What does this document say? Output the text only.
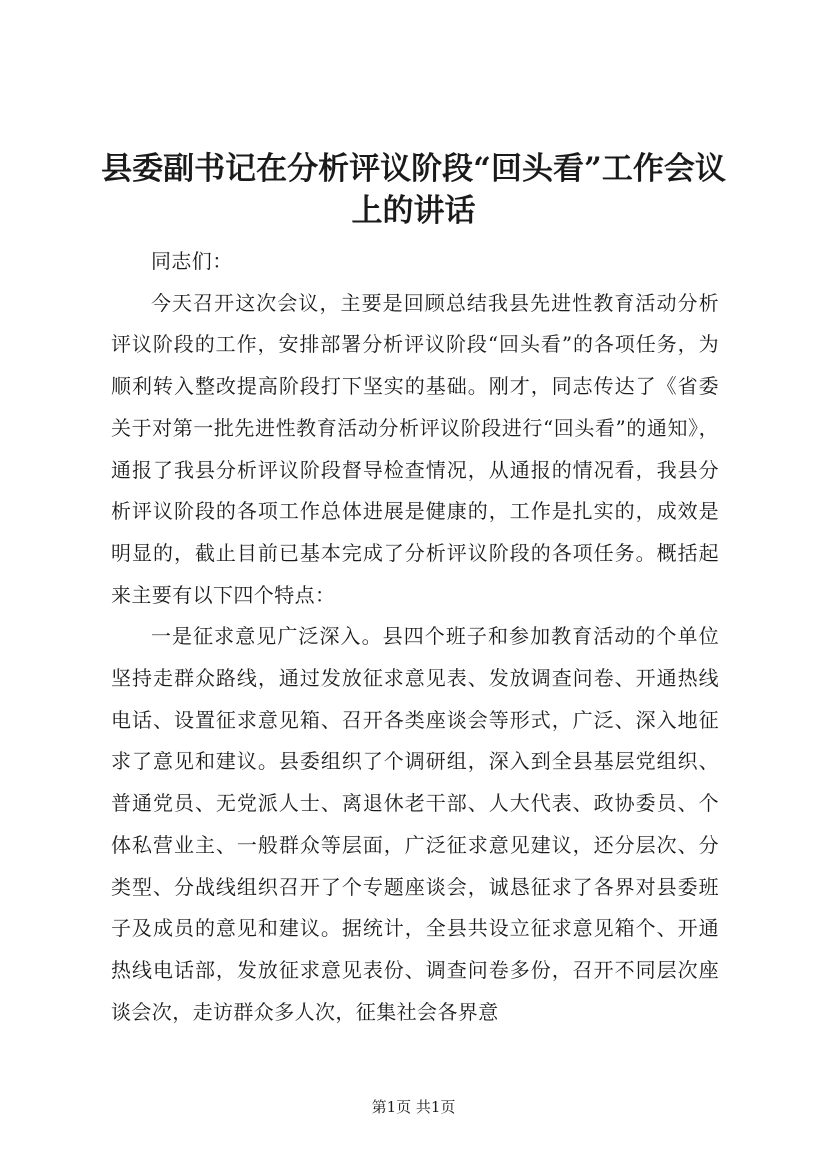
县委副书记在分析评议阶段“回头看”工作会议上的讲话

同志们：

今天召开这次会议，主要是回顾总结我县先进性教育活动分析评议阶段的工作，安排部署分析评议阶段“回头看”的各项任务，为顺利转入整改提高阶段打下坚实的基础。刚才，同志传达了《省委关于对第一批先进性教育活动分析评议阶段进行“回头看”的通知》，通报了我县分析评议阶段督导检查情况，从通报的情况看，我县分析评议阶段的各项工作总体进展是健康的，工作是扎实的，成效是明显的，截止目前已基本完成了分析评议阶段的各项任务。概括起来主要有以下四个特点：

一是征求意见广泛深入。县四个班子和参加教育活动的个单位坚持走群众路线，通过发放征求意见表、发放调查问卷、开通热线电话、设置征求意见箱、召开各类座谈会等形式，广泛、深入地征求了意见和建议。县委组织了个调研组，深入到全县基层党组织、普通党员、无党派人士、离退休老干部、人大代表、政协委员、个体私营业主、一般群众等层面，广泛征求意见建议，还分层次、分类型、分战线组织召开了个专题座谈会，诚恳征求了各界对县委班子及成员的意见和建议。据统计，全县共设立征求意见箱个、开通热线电话部，发放征求意见表份、调查问卷多份，召开不同层次座谈会次，走访群众多人次，征集社会各界意

第1页 共1页
